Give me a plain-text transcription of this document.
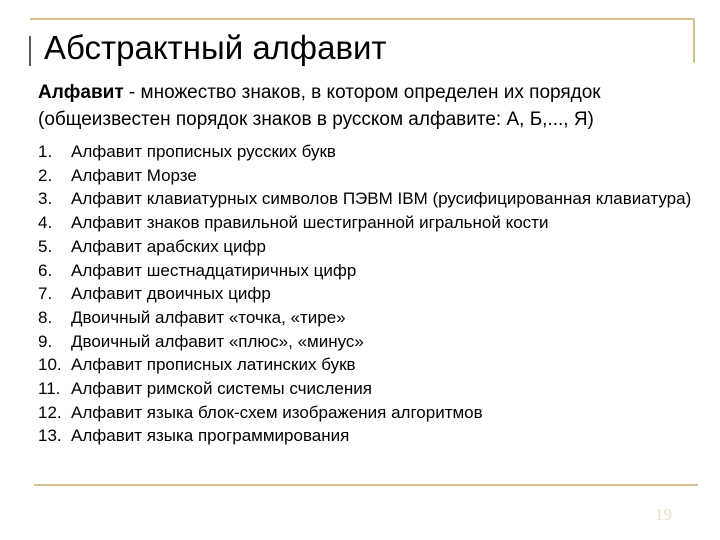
Абстрактный алфавит
Алфавит - множество знаков, в котором определен их порядок (общеизвестен порядок знаков в русском алфавите: А, Б,..., Я)
1.	Алфавит прописных русских букв
2.	Алфавит Морзе
3.	Алфавит клавиатурных символов ПЭВМ IBM (русифицированная клавиатура)
4.	Алфавит знаков правильной шестигранной игральной кости
5.	Алфавит арабских цифр
6.	Алфавит шестнадцатиричных цифр
7.	Алфавит двоичных цифр
8.	Двоичный алфавит «точка, «тире»
9.	Двоичный алфавит «плюс», «минус»
10. Алфавит прописных латинских букв
11. Алфавит римской системы счисления
12. Алфавит языка блок-схем изображения алгоритмов
13. Алфавит языка программирования
19
